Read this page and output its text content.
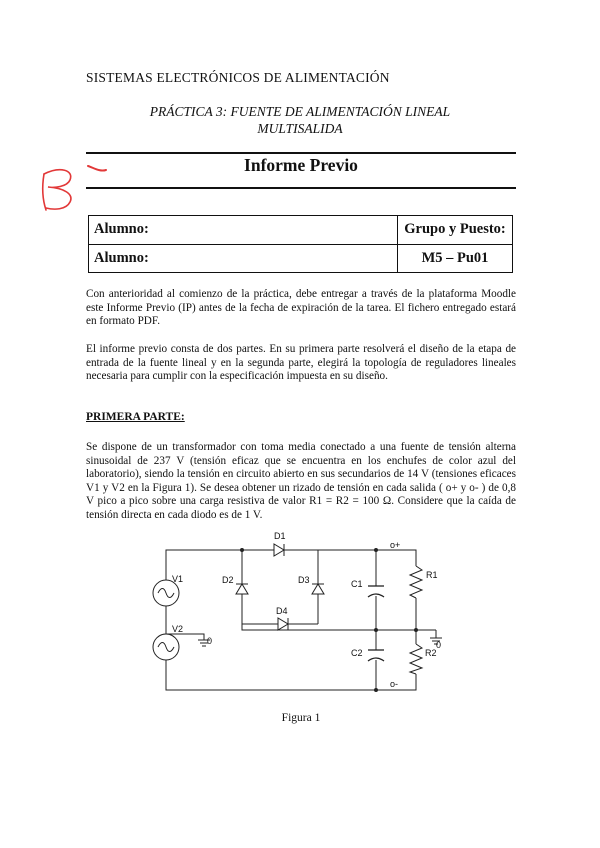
SISTEMAS ELECTRÓNICOS DE ALIMENTACIÓN
PRÁCTICA 3: FUENTE DE ALIMENTACIÓN LINEAL
MULTISALIDA
Informe Previo
Alumno:	Grupo y Puesto:
Alumno:	M5 – Pu01
Con anterioridad al comienzo de la práctica, debe entregar a través de la plataforma Moodle este Informe Previo (IP) antes de la fecha de expiración de la tarea. El fichero entregado estará en formato PDF.
El informe previo consta de dos partes. En su primera parte resolverá el diseño de la etapa de entrada de la fuente lineal y en la segunda parte, elegirá la topología de reguladores lineales necesaria para cumplir con la especificación impuesta en su diseño.
PRIMERA PARTE:
Se dispone de un transformador con toma media conectado a una fuente de tensión alterna sinusoidal de 237 V (tensión eficaz que se encuentra en los enchufes de color azul del laboratorio), siendo la tensión en circuito abierto en sus secundarios de 14 V (tensiones eficaces V1 y V2 en la Figura 1). Se desea obtener un rizado de tensión en cada salida ( o+ y o- ) de 0,8 V pico a pico sobre una carga resistiva de valor R1 = R2 = 100 Ω. Considere que la caída de tensión directa en cada diodo es de 1 V.
D1
D2	D3
D4
V1
V2
0
C1
C2
R1
R2
0
o+
o-
Figura 1
